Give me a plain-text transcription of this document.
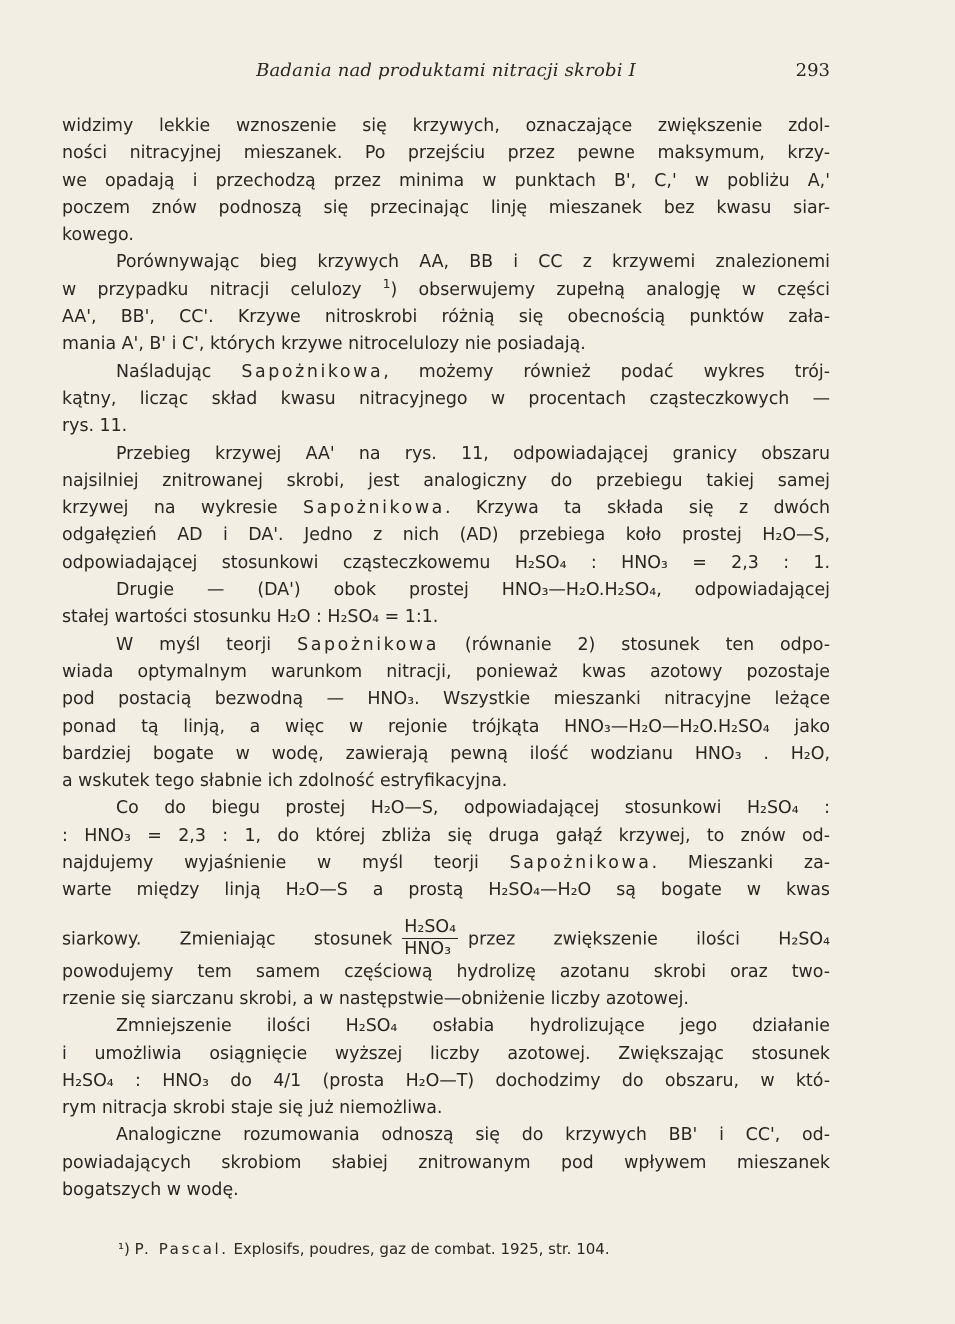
Badania nad produktami nitracji skrobi I	293
widzimy lekkie wznoszenie się krzywych, oznaczające zwiększenie zdol-
ności nitracyjnej mieszanek. Po przejściu przez pewne maksymum, krzy-
we opadają i przechodzą przez minima w punktach B', C,' w pobliżu A,'
poczem znów podnoszą się przecinając linję mieszanek bez kwasu siar-
kowego.
Porównywając bieg krzywych AA, BB i CC z krzywemi znalezionemi
w przypadku nitracji celulozy $^1$) obserwujemy zupełną analogję w części
AA', BB', CC'. Krzywe nitroskrobi różnią się obecnością punktów zała-
mania A', B' i C', których krzywe nitrocelulozy nie posiadają.
Naśladując Sapożnikowa, możemy również podać wykres trój-
kątny, licząc skład kwasu nitracyjnego w procentach cząsteczkowych —
rys. 11.
Przebieg krzywej AA' na rys. 11, odpowiadającej granicy obszaru
najsilniej znitrowanej skrobi, jest analogiczny do przebiegu takiej samej
krzywej na wykresie Sapożnikowa. Krzywa ta składa się z dwóch
odgałęzień AD i DA'. Jedno z nich (AD) przebiega koło prostej H₂O—S,
odpowiadającej stosunkowi cząsteczkowemu H₂SO₄ : HNO₃ = 2,3 : 1.
Drugie — (DA') obok prostej HNO₃—H₂O.H₂SO₄, odpowiadającej
stałej wartości stosunku H₂O : H₂SO₄ = 1:1.
W myśl teorji Sapożnikowa (równanie 2) stosunek ten odpo-
wiada optymalnym warunkom nitracji, ponieważ kwas azotowy pozostaje
pod postacią bezwodną — HNO₃. Wszystkie mieszanki nitracyjne leżące
ponad tą linją, a więc w rejonie trójkąta HNO₃—H₂O—H₂O.H₂SO₄ jako
bardziej bogate w wodę, zawierają pewną ilość wodzianu HNO₃ . H₂O,
a wskutek tego słabnie ich zdolność estryfikacyjna.
Co do biegu prostej H₂O—S, odpowiadającej stosunkowi H₂SO₄ :
: HNO₃ = 2,3 : 1, do której zbliża się druga gałąź krzywej, to znów od-
najdujemy wyjaśnienie w myśl teorji Sapożnikowa. Mieszanki za-
warte między linją H₂O—S a prostą H₂SO₄—H₂O są bogate w kwas
siarkowy. Zmieniając stosunek $\frac{\text{H₂SO₄}}{\text{HNO₃}}$ przez zwiększenie ilości H₂SO₄
powodujemy tem samem częściową hydrolizę azotanu skrobi oraz two-
rzenie się siarczanu skrobi, a w następstwie—obniżenie liczby azotowej.
Zmniejszenie ilości H₂SO₄ osłabia hydrolizujące jego działanie
i umożliwia osiągnięcie wyższej liczby azotowej. Zwiększając stosunek
H₂SO₄ : HNO₃ do 4/1 (prosta H₂O—T) dochodzimy do obszaru, w któ-
rym nitracja skrobi staje się już niemożliwa.
Analogiczne rozumowania odnoszą się do krzywych BB' i CC', od-
powiadających skrobiom słabiej znitrowanym pod wpływem mieszanek
bogatszych w wodę.
¹) P. Pascal. Explosifs, poudres, gaz de combat. 1925, str. 104.
